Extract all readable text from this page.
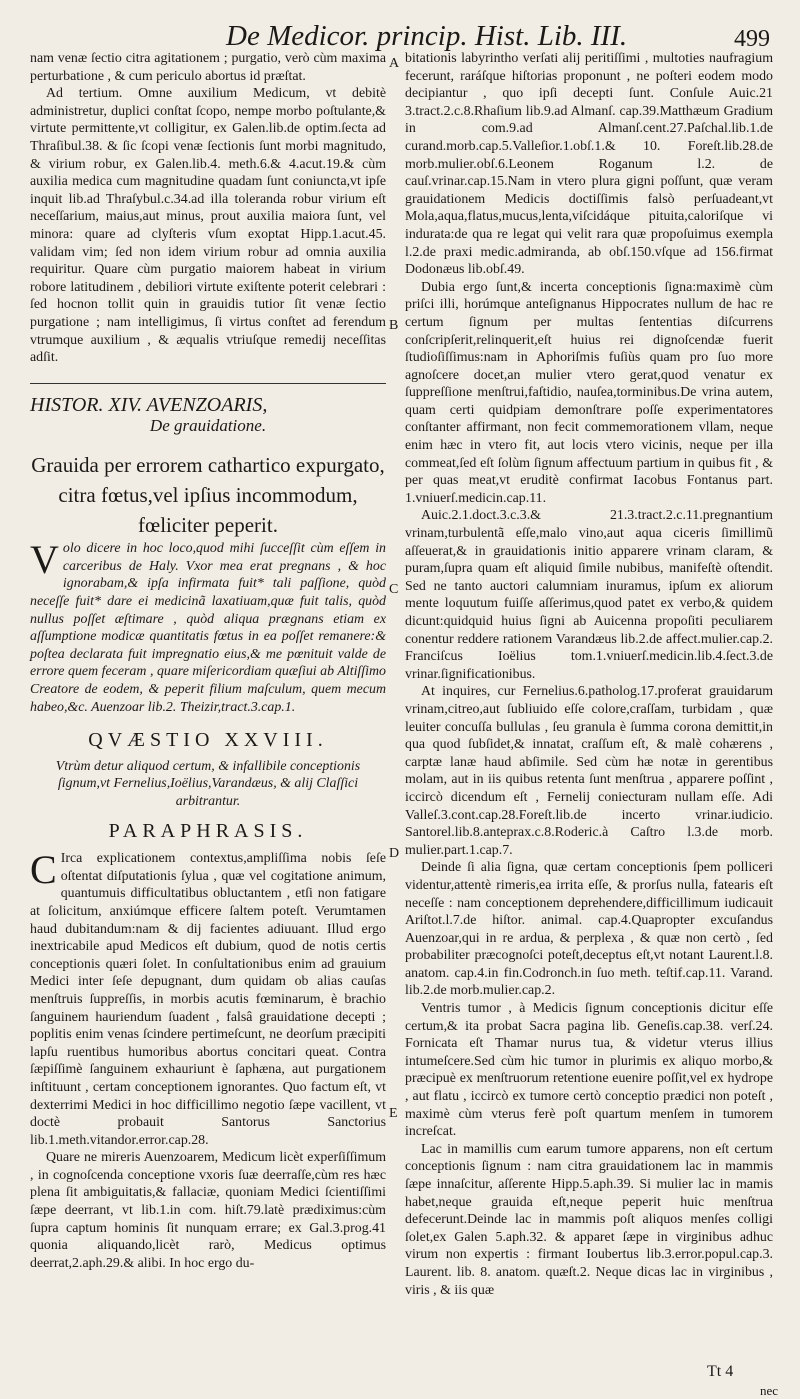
De Medicor. princip. Hist. Lib. III.	499
A
B
C
D
E

nam venæ ſectio citra agitationem ; purgatio, verò cùm maxima perturbatione , & cum periculo abortus id præſtat.

Ad tertium. Omne auxilium Medicum, vt debitè administretur, duplici conſtat ſcopo, nempe morbo poſtulante,& virtute permittente,vt colligitur, ex Galen.lib.de optim.ſecta ad Thraſibul.38. & ſic ſcopi venæ ſectionis ſunt morbi magnitudo, & virium robur, ex Galen.lib.4. meth.6.& 4.acut.19.& cùm auxilia medica cum magnitudine quadam ſunt coniuncta,vt ipſe inquit lib.ad Thraſybul.c.34.ad illa toleranda robur virium eſt neceſſarium, maius,aut minus, prout auxilia maiora ſunt, vel minora: quare ad clyſteris vſum exoptat Hipp.1.acut.45. validam vim; ſed non idem virium robur ad omnia auxilia requiritur. Quare cùm purgatio maiorem habeat in virium robore latitudinem , debiliori virtute exiſtente poterit celebrari : ſed hocnon tollit quin in grauidis tutior ſit venæ ſectio purgatione ; nam intelligimus, ſi virtus conſtet ad ferendum vtrumque auxilium , & æqualis vtriuſque remedij neceſſitas adſit.

HISTOR. XIV. AVENZOARIS,
De grauidatione.

Grauida per errorem cathartico expurgato, citra fœtus,vel ipſius incommodum, fœliciter peperit.

Volo dicere in hoc loco,quod mihi ſucceſſit cùm eſſem in carceribus de Haly. Vxor mea erat pregnans , & hoc ignorabam,& ipſa infirmata fuit* tali paſſione, quòd neceſſe fuit* dare ei medicinã laxatiuam,quæ fuit talis, quòd nullus poſſet æſtimare , quòd aliqua prægnans etiam ex aſſumptione modicæ quantitatis fœtus in ea poſſet remanere:& poſtea declarata fuit impregnatio eius,& me pœnituit valde de errore quem feceram , quare miſericordiam quæſiui ab Altiſſimo Creatore de eodem, & peperit filium maſculum, quem mecum habeo,&c. Auenzoar lib.2. Theizir,tract.3.cap.1.

QVÆSTIO XXVIII.
Vtrùm detur aliquod certum, & infallibile conceptionis ſignum,vt Fernelius,Ioëlius,Varandæus, & alij Claſſici arbitrantur.
PARAPHRASIS.

C Irca explicationem contextus,ampliſſima nobis ſeſe oſtentat diſputationis ſylua , quæ vel cogitatione animum, quantumuis difficultatibus obluctantem , etſi non fatigare at ſolicitum, anxiúmque efficere ſaltem poteſt. Verumtamen haud dubitandum:nam & dij facientes adiuuant. Illud ergo inextricabile apud Medicos eſt dubium, quod de notis certis conceptionis quæri ſolet. In conſultationibus enim ad grauium Medici inter ſeſe depugnant, dum quidam ob alias cauſas menſtruis ſuppreſſis, in morbis acutis fœminarum, è brachio ſanguinem hauriendum ſuadent , falsâ grauidatione decepti ; poplitis enim venas ſcindere pertimeſcunt, ne deorſum præcipiti lapſu ruentibus humoribus abortus concitari queat. Contra ſæpiſſimè ſanguinem exhauriunt è ſaphæna, aut purgationem inſtituunt , certam conceptionem ignorantes. Quo factum eſt, vt dexterrimi Medici in hoc difficillimo negotio ſæpe vacillent, vt doctè probauit Santorus Sanctorius lib.1.meth.vitandor.error.cap.28.

Quare ne mireris Auenzoarem, Medicum licèt experſiſſimum , in cognoſcenda conceptione vxoris ſuæ deerraſſe,cùm res hæc plena ſit ambiguitatis,& fallaciæ, quoniam Medici ſcientiſſimi ſæpe deerrant, vt lib.1.in com. hiſt.79.latè prædiximus:cùm ſupra captum hominis ſit nunquam errare; ex Gal.3.prog.41 quonia aliquando,licèt rarò, Medicus optimus deerrat,2.aph.29.& alibi. In hoc ergo du-

bitationis labyrintho verſati alij peritiſſimi , multoties naufragium fecerunt, raráſque hiſtorias proponunt , ne poſteri eodem modo decipiantur , quo ipſi decepti ſunt. Conſule Auic.21 3.tract.2.c.8.Rhaſium lib.9.ad Almanſ. cap.39.Matthæum Gradium in com.9.ad Almanſ.cent.27.Paſchal.lib.1.de curand.morb.cap.5.Valleſior.1.obſ.1.& 10. Foreſt.lib.28.de morb.mulier.obſ.6.Leonem Roganum l.2. de cauſ.vrinar.cap.15.Nam in vtero plura gigni poſſunt, quæ veram grauidationem Medicis doctiſſimis falsò perſuadeant,vt Mola,aqua,flatus,mucus,lenta,viſcidáque pituita,caloriſque vi indurata:de qua re legat qui velit rara quæ propoſuimus exempla l.2.de praxi medic.admiranda, ab obſ.150.vſque ad 156.firmat Dodonæus lib.obſ.49.

Dubia ergo ſunt,& incerta conceptionis ſigna:maximè cùm priſci illi, horúmque anteſignanus Hippocrates nullum de hac re certum ſignum per multas ſententias diſcurrens conſcripſerit,relinquerit,eſt huius rei dignoſcendæ fuerit ſtudioſiſſimus:nam in Aphoriſmis fuſiùs quam pro ſuo more agnoſcere docet,an mulier vtero gerat,quod venatur ex ſuppreſſione menſtrui,faſtidio, nauſea,torminibus.De vrina autem, quam certi quidpiam demonſtrare poſſe experimentatores conſtanter affirmant, non fecit commemorationem vllam, neque enim hæc in vtero fit, aut locis vtero vicinis, neque per illa commeat,ſed eſt ſolùm ſignum affectuum partium in quibus fit , & per quas meat,vt eruditè confirmat Iacobus Fontanus part. 1.vniuerſ.medicin.cap.11.

Auic.2.1.doct.3.c.3.& 21.3.tract.2.c.11.pregnantium vrinam,turbulentã eſſe,malo vino,aut aqua ciceris ſimillimũ aſſeuerat,& in grauidationis initio apparere vrinam claram, & puram,ſupra quam eſt aliquid ſimile nubibus, manifeſtè oſtendit. Sed ne tanto auctori calumniam inuramus, ipſum ex aliorum mente loquutum fuiſſe aſſerimus,quod patet ex verbo,& quidem dicunt:quidquid huius ſigni ab Auicenna propoſiti peculiarem conentur reddere rationem Varandæus lib.2.de affect.mulier.cap.2. Franciſcus Ioëlius tom.1.vniuerſ.medicin.lib.4.ſect.3.de vrinar.ſignificationibus.

At inquires, cur Fernelius.6.patholog.17.proferat grauidarum vrinam,citreo,aut ſubliuido eſſe colore,craſſam, turbidam , quæ leuiter concuſſa bullulas , ſeu granula è ſumma corona demittit,in qua quod ſubſidet,& innatat, craſſum eſt, & malè cohærens , carptæ lanæ haud abſimile. Sed cùm hæ notæ in gerentibus molam, aut in iis quibus retenta ſunt menſtrua , apparere poſſint , iccircò dicendum eſt , Fernelij coniecturam nullam eſſe. Adi Valleſ.3.cont.cap.28.Foreſt.lib.de incerto vrinar.iudicio. Santorel.lib.8.anteprax.c.8.Roderic.à Caſtro l.3.de morb. mulier.part.1.cap.7.

Deinde ſi alia ſigna, quæ certam conceptionis ſpem polliceri videntur,attentè rimeris,ea irrita eſſe, & prorſus nulla, fatearis eſt neceſſe : nam conceptionem deprehendere,difficillimum iudicauit Ariſtot.l.7.de hiſtor. animal. cap.4.Quapropter excuſandus Auenzoar,qui in re ardua, & perplexa , & quæ non certò , ſed probabiliter præcognoſci poteſt,deceptus eſt,vt notant Laurent.l.8. anatom. cap.4.in fin.Codronch.in ſuo meth. teſtif.cap.11. Varand. lib.2.de morb.mulier.cap.2.

Ventris tumor , à Medicis ſignum conceptionis dicitur eſſe certum,& ita probat Sacra pagina lib. Geneſis.cap.38. verſ.24. Fornicata eſt Thamar nurus tua, & videtur vterus illius intumeſcere.Sed cùm hic tumor in plurimis ex aliquo morbo,& præcipuè ex menſtruorum retentione euenire poſſit,vel ex hydrope , aut flatu , iccircò ex tumore certò conceptio prædici non poteſt , maximè cùm vterus ferè poſt quartum menſem in tumorem increſcat.

Lac in mamillis cum earum tumore apparens, non eſt certum conceptionis ſignum : nam citra grauidationem lac in mammis ſæpe innaſcitur, aſſerente Hipp.5.aph.39. Si mulier lac in mamis habet,neque grauida eſt,neque peperit huic menſtrua defecerunt.Deinde lac in mammis poſt aliquos menſes colligi ſolet,ex Galen 5.aph.32. & apparet ſæpe in virginibus adhuc virum non expertis : firmant Ioubertus lib.3.error.popul.cap.3. Laurent. lib. 8. anatom. quæſt.2. Neque dicas lac in virginibus , viris , & iis quæ

Tt 4
nec
